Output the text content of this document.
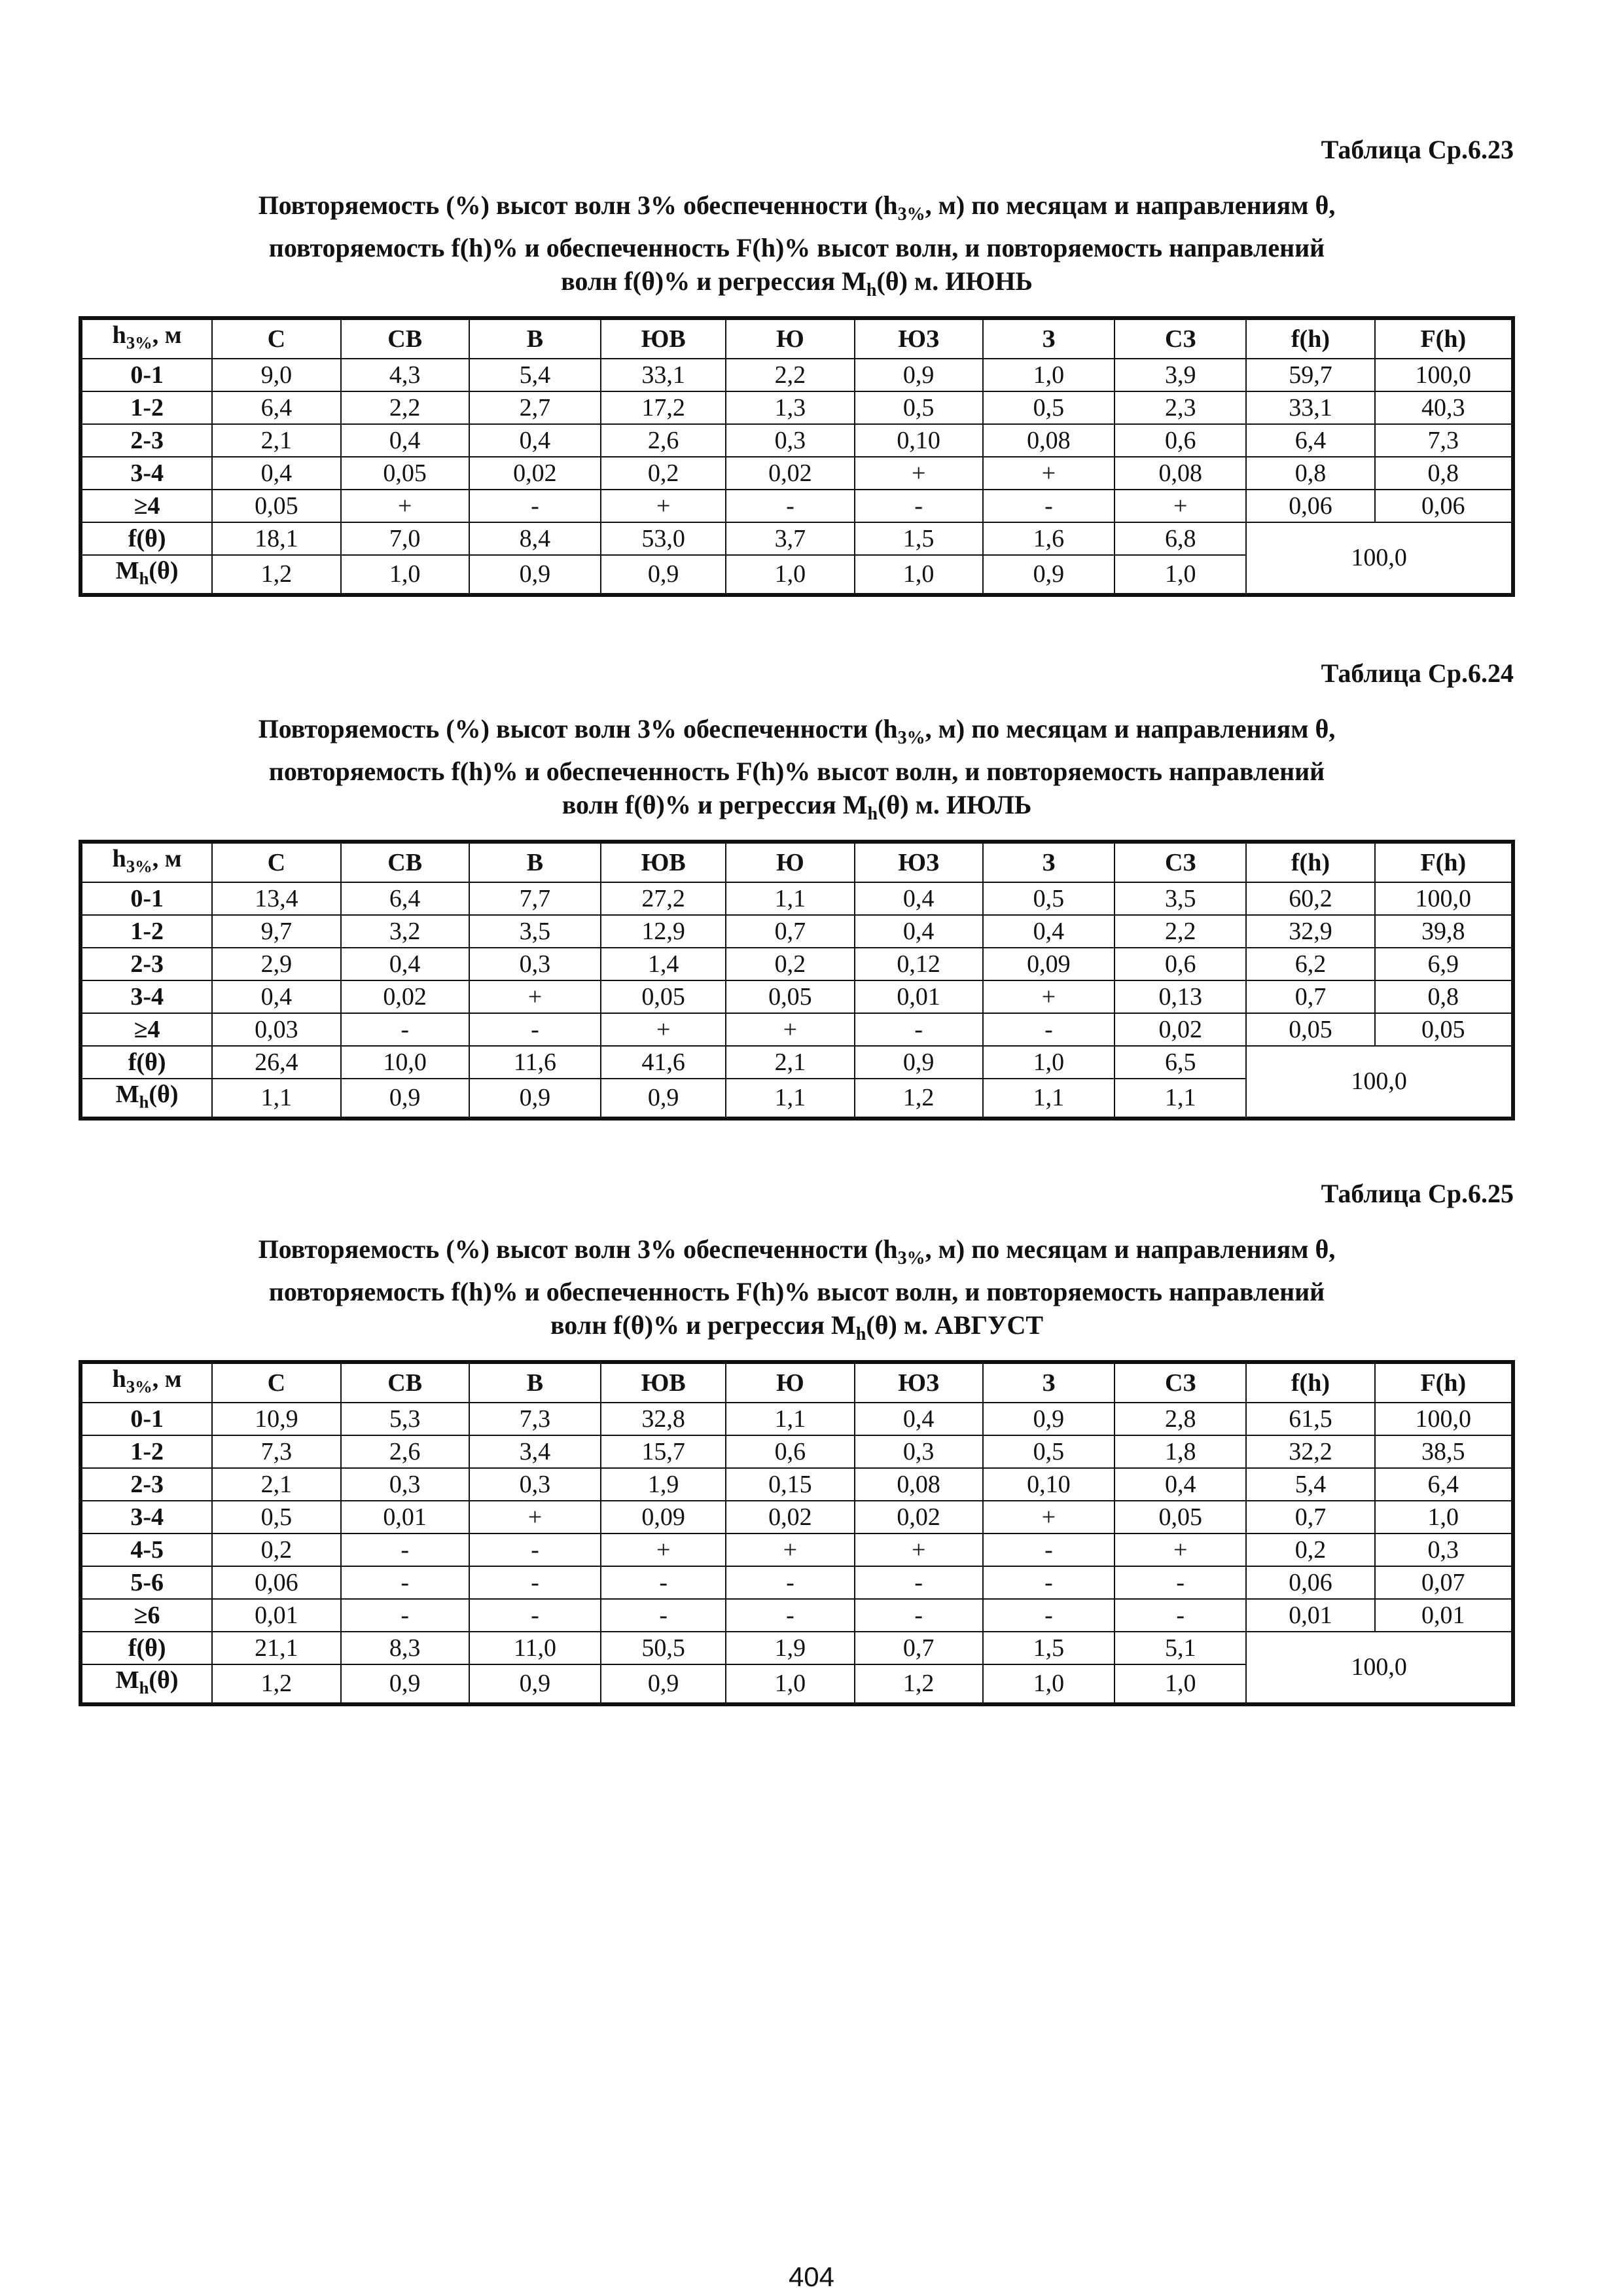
Таблица Ср.6.23
Повторяемость (%) высот волн 3% обеспеченности ($h_{3\%}$, м) по месяцам и направлениям θ,
повторяемость f(h)% и обеспеченность F(h)% высот волн, и повторяемость направлений
волн f(θ)% и регрессия $M_h(\theta)$ м. ИЮНЬ
$h_{3\%}$, м	С	СВ	В	ЮВ	Ю	ЮЗ	З	СЗ	f(h)	F(h)
0-1	9,0	4,3	5,4	33,1	2,2	0,9	1,0	3,9	59,7	100,0
1-2	6,4	2,2	2,7	17,2	1,3	0,5	0,5	2,3	33,1	40,3
2-3	2,1	0,4	0,4	2,6	0,3	0,10	0,08	0,6	6,4	7,3
3-4	0,4	0,05	0,02	0,2	0,02	+	+	0,08	0,8	0,8
≥4	0,05	+	-	+	-	-	-	+	0,06	0,06
f(θ)	18,1	7,0	8,4	53,0	3,7	1,5	1,6	6,8	100,0	
$M_h(\theta)$	1,2	1,0	0,9	0,9	1,0	1,0	0,9	1,0		
Таблица Ср.6.24
Повторяемость (%) высот волн 3% обеспеченности ($h_{3\%}$, м) по месяцам и направлениям θ,
повторяемость f(h)% и обеспеченность F(h)% высот волн, и повторяемость направлений
волн f(θ)% и регрессия $M_h(\theta)$ м. ИЮЛЬ
$h_{3\%}$, м	С	СВ	В	ЮВ	Ю	ЮЗ	З	СЗ	f(h)	F(h)
0-1	13,4	6,4	7,7	27,2	1,1	0,4	0,5	3,5	60,2	100,0
1-2	9,7	3,2	3,5	12,9	0,7	0,4	0,4	2,2	32,9	39,8
2-3	2,9	0,4	0,3	1,4	0,2	0,12	0,09	0,6	6,2	6,9
3-4	0,4	0,02	+	0,05	0,05	0,01	+	0,13	0,7	0,8
≥4	0,03	-	-	+	+	-	-	0,02	0,05	0,05
f(θ)	26,4	10,0	11,6	41,6	2,1	0,9	1,0	6,5	100,0	
$M_h(\theta)$	1,1	0,9	0,9	0,9	1,1	1,2	1,1	1,1		
Таблица Ср.6.25
Повторяемость (%) высот волн 3% обеспеченности ($h_{3\%}$, м) по месяцам и направлениям θ,
повторяемость f(h)% и обеспеченность F(h)% высот волн, и повторяемость направлений
волн f(θ)% и регрессия $M_h(\theta)$ м. АВГУСТ
$h_{3\%}$, м	С	СВ	В	ЮВ	Ю	ЮЗ	З	СЗ	f(h)	F(h)
0-1	10,9	5,3	7,3	32,8	1,1	0,4	0,9	2,8	61,5	100,0
1-2	7,3	2,6	3,4	15,7	0,6	0,3	0,5	1,8	32,2	38,5
2-3	2,1	0,3	0,3	1,9	0,15	0,08	0,10	0,4	5,4	6,4
3-4	0,5	0,01	+	0,09	0,02	0,02	+	0,05	0,7	1,0
4-5	0,2	-	-	+	+	+	-	+	0,2	0,3
5-6	0,06	-	-	-	-	-	-	-	0,06	0,07
≥6	0,01	-	-	-	-	-	-	-	0,01	0,01
f(θ)	21,1	8,3	11,0	50,5	1,9	0,7	1,5	5,1	100,0	
$M_h(\theta)$	1,2	0,9	0,9	0,9	1,0	1,2	1,0	1,0		
404
